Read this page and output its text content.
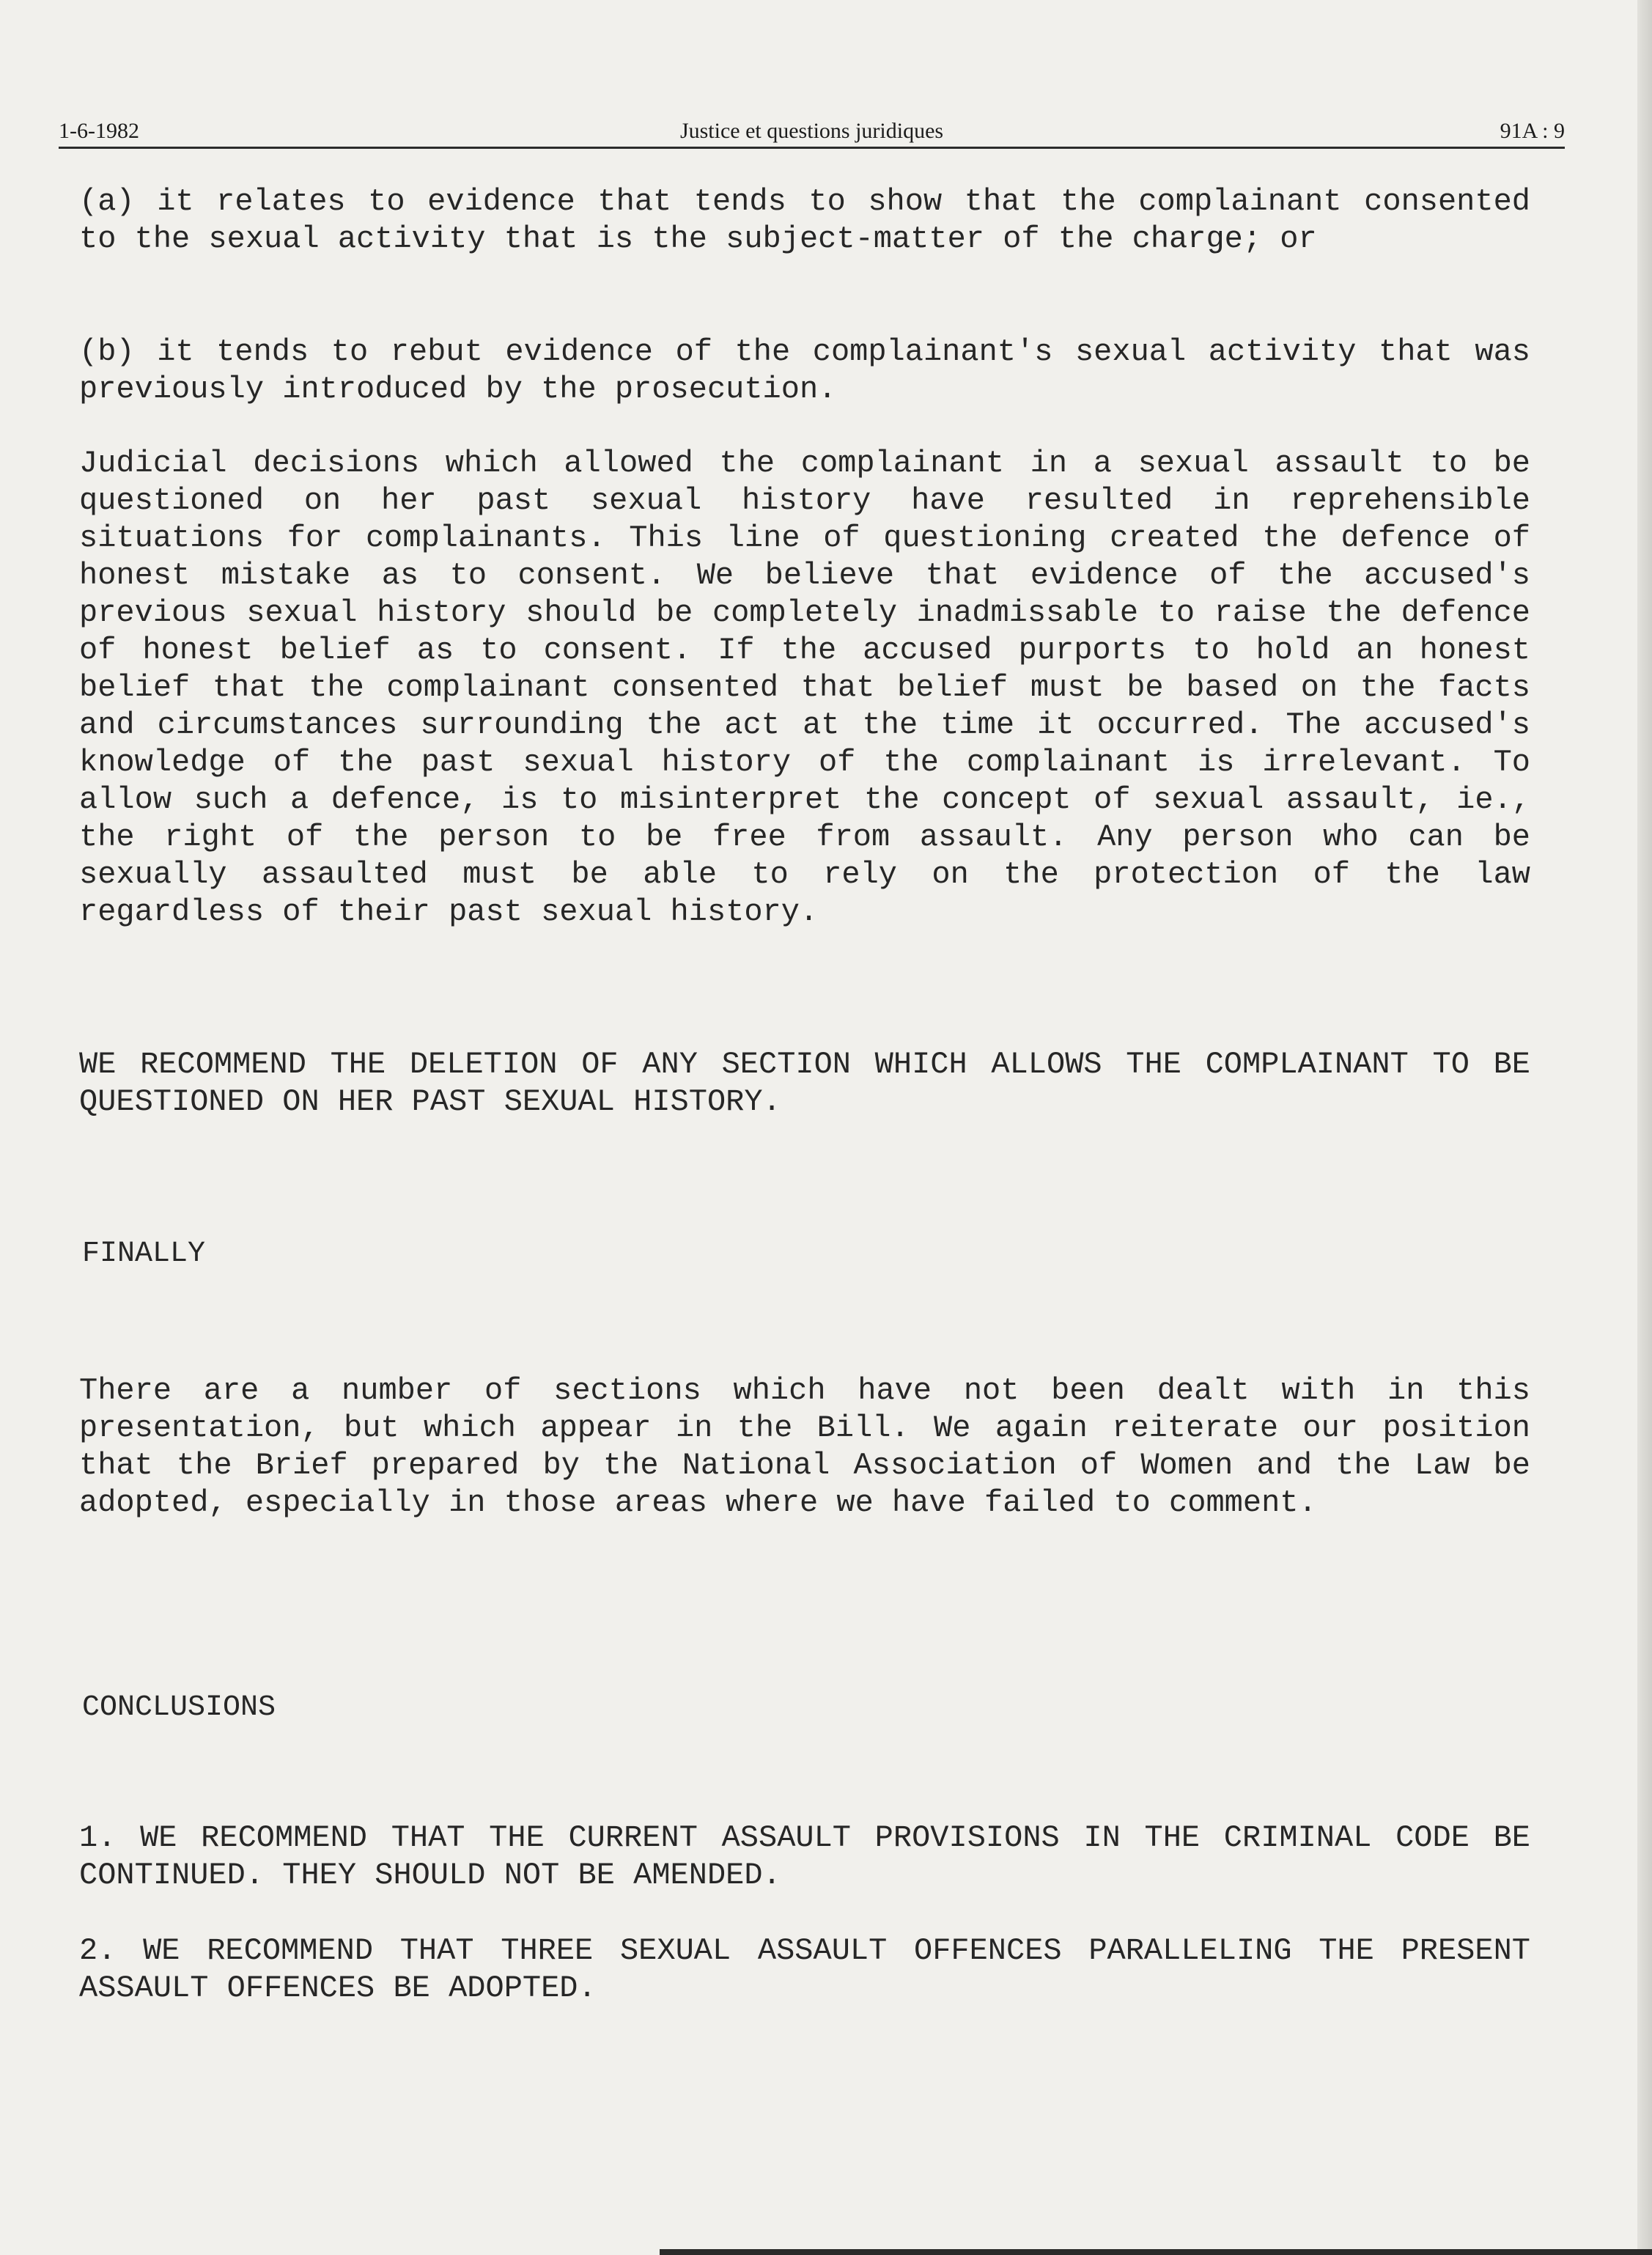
1-6-1982	Justice et questions juridiques	91A : 9

(a) it relates to evidence that tends to show that the complainant consented to the sexual activity that is the subject-matter of the charge; or

(b) it tends to rebut evidence of the complainant's sexual activity that was previously introduced by the prosecution.

Judicial decisions which allowed the complainant in a sexual assault to be questioned on her past sexual history have resulted in reprehensible situations for complainants. This line of questioning created the defence of honest mistake as to consent. We believe that evidence of the accused's previous sexual history should be completely inadmissable to raise the defence of honest belief as to consent. If the accused purports to hold an honest belief that the complainant consented that belief must be based on the facts and circumstances surrounding the act at the time it occurred. The accused's knowledge of the past sexual history of the complainant is irrelevant. To allow such a defence, is to misinterpret the concept of sexual assault, ie., the right of the person to be free from assault. Any person who can be sexually assaulted must be able to rely on the protection of the law regardless of their past sexual history.

WE RECOMMEND THE DELETION OF ANY SECTION WHICH ALLOWS THE COMPLAINANT TO BE QUESTIONED ON HER PAST SEXUAL HISTORY.

FINALLY

There are a number of sections which have not been dealt with in this presentation, but which appear in the Bill. We again reiterate our position that the Brief prepared by the National Association of Women and the Law be adopted, especially in those areas where we have failed to comment.

CONCLUSIONS

1. WE RECOMMEND THAT THE CURRENT ASSAULT PROVISIONS IN THE CRIMINAL CODE BE CONTINUED. THEY SHOULD NOT BE AMENDED.

2. WE RECOMMEND THAT THREE SEXUAL ASSAULT OFFENCES PARALLELING THE PRESENT ASSAULT OFFENCES BE ADOPTED.
